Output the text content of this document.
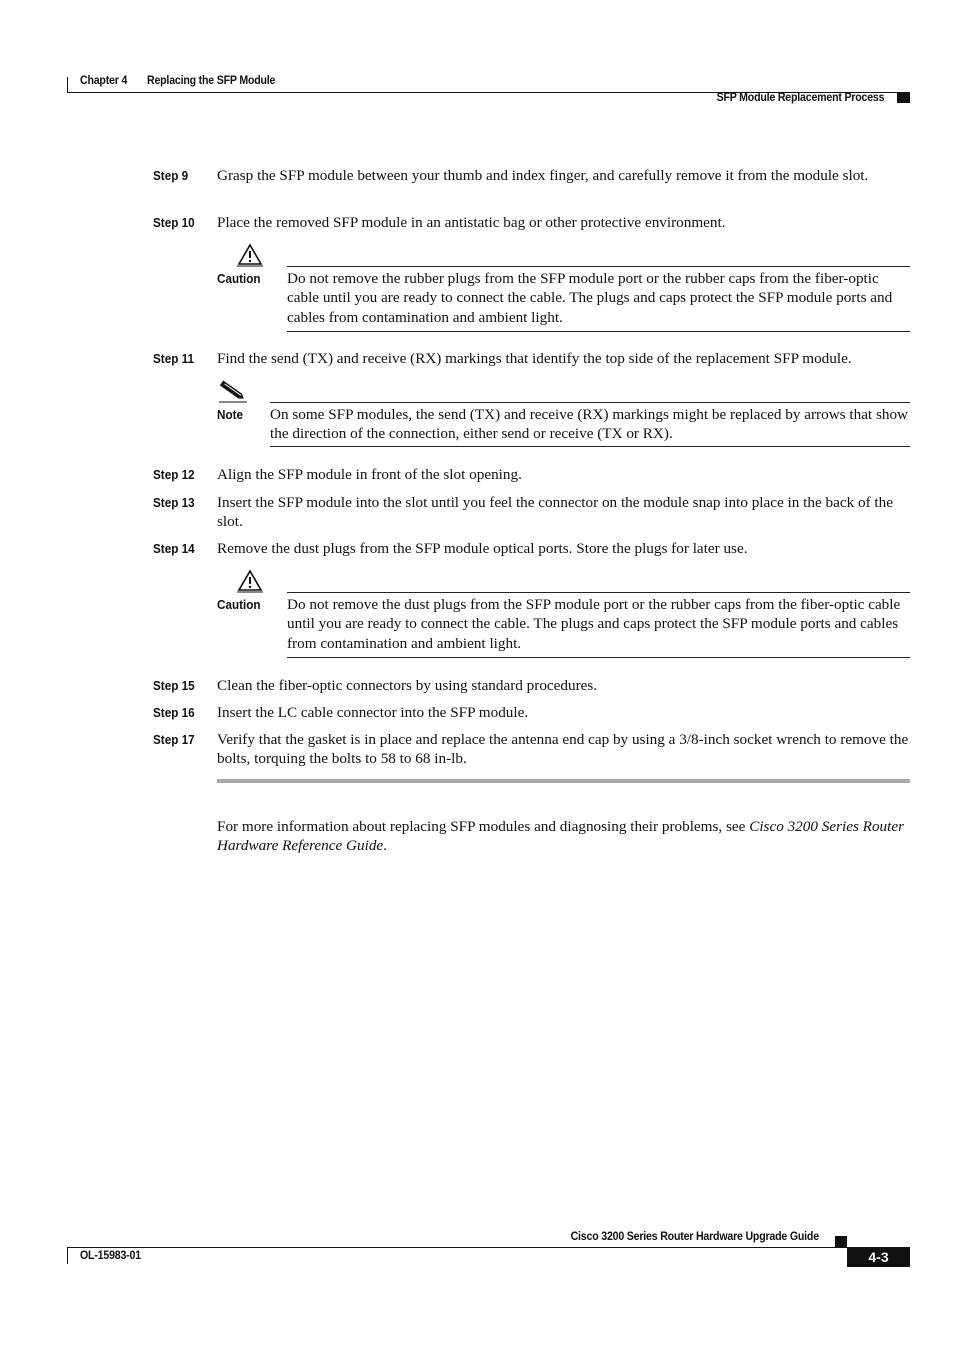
Chapter 4 Replacing the SFP Module
SFP Module Replacement Process
Step 9 Grasp the SFP module between your thumb and index finger, and carefully remove it from the module slot.
Step 10 Place the removed SFP module in an antistatic bag or other protective environment.
Caution Do not remove the rubber plugs from the SFP module port or the rubber caps from the fiber-optic cable until you are ready to connect the cable. The plugs and caps protect the SFP module ports and cables from contamination and ambient light.
Step 11 Find the send (TX) and receive (RX) markings that identify the top side of the replacement SFP module.
Note On some SFP modules, the send (TX) and receive (RX) markings might be replaced by arrows that show the direction of the connection, either send or receive (TX or RX).
Step 12 Align the SFP module in front of the slot opening.
Step 13 Insert the SFP module into the slot until you feel the connector on the module snap into place in the back of the slot.
Step 14 Remove the dust plugs from the SFP module optical ports. Store the plugs for later use.
Caution Do not remove the dust plugs from the SFP module port or the rubber caps from the fiber-optic cable until you are ready to connect the cable. The plugs and caps protect the SFP module ports and cables from contamination and ambient light.
Step 15 Clean the fiber-optic connectors by using standard procedures.
Step 16 Insert the LC cable connector into the SFP module.
Step 17 Verify that the gasket is in place and replace the antenna end cap by using a 3/8-inch socket wrench to remove the bolts, torquing the bolts to 58 to 68 in-lb.
For more information about replacing SFP modules and diagnosing their problems, see Cisco 3200 Series Router Hardware Reference Guide.
Cisco 3200 Series Router Hardware Upgrade Guide
OL-15983-01	4-3
